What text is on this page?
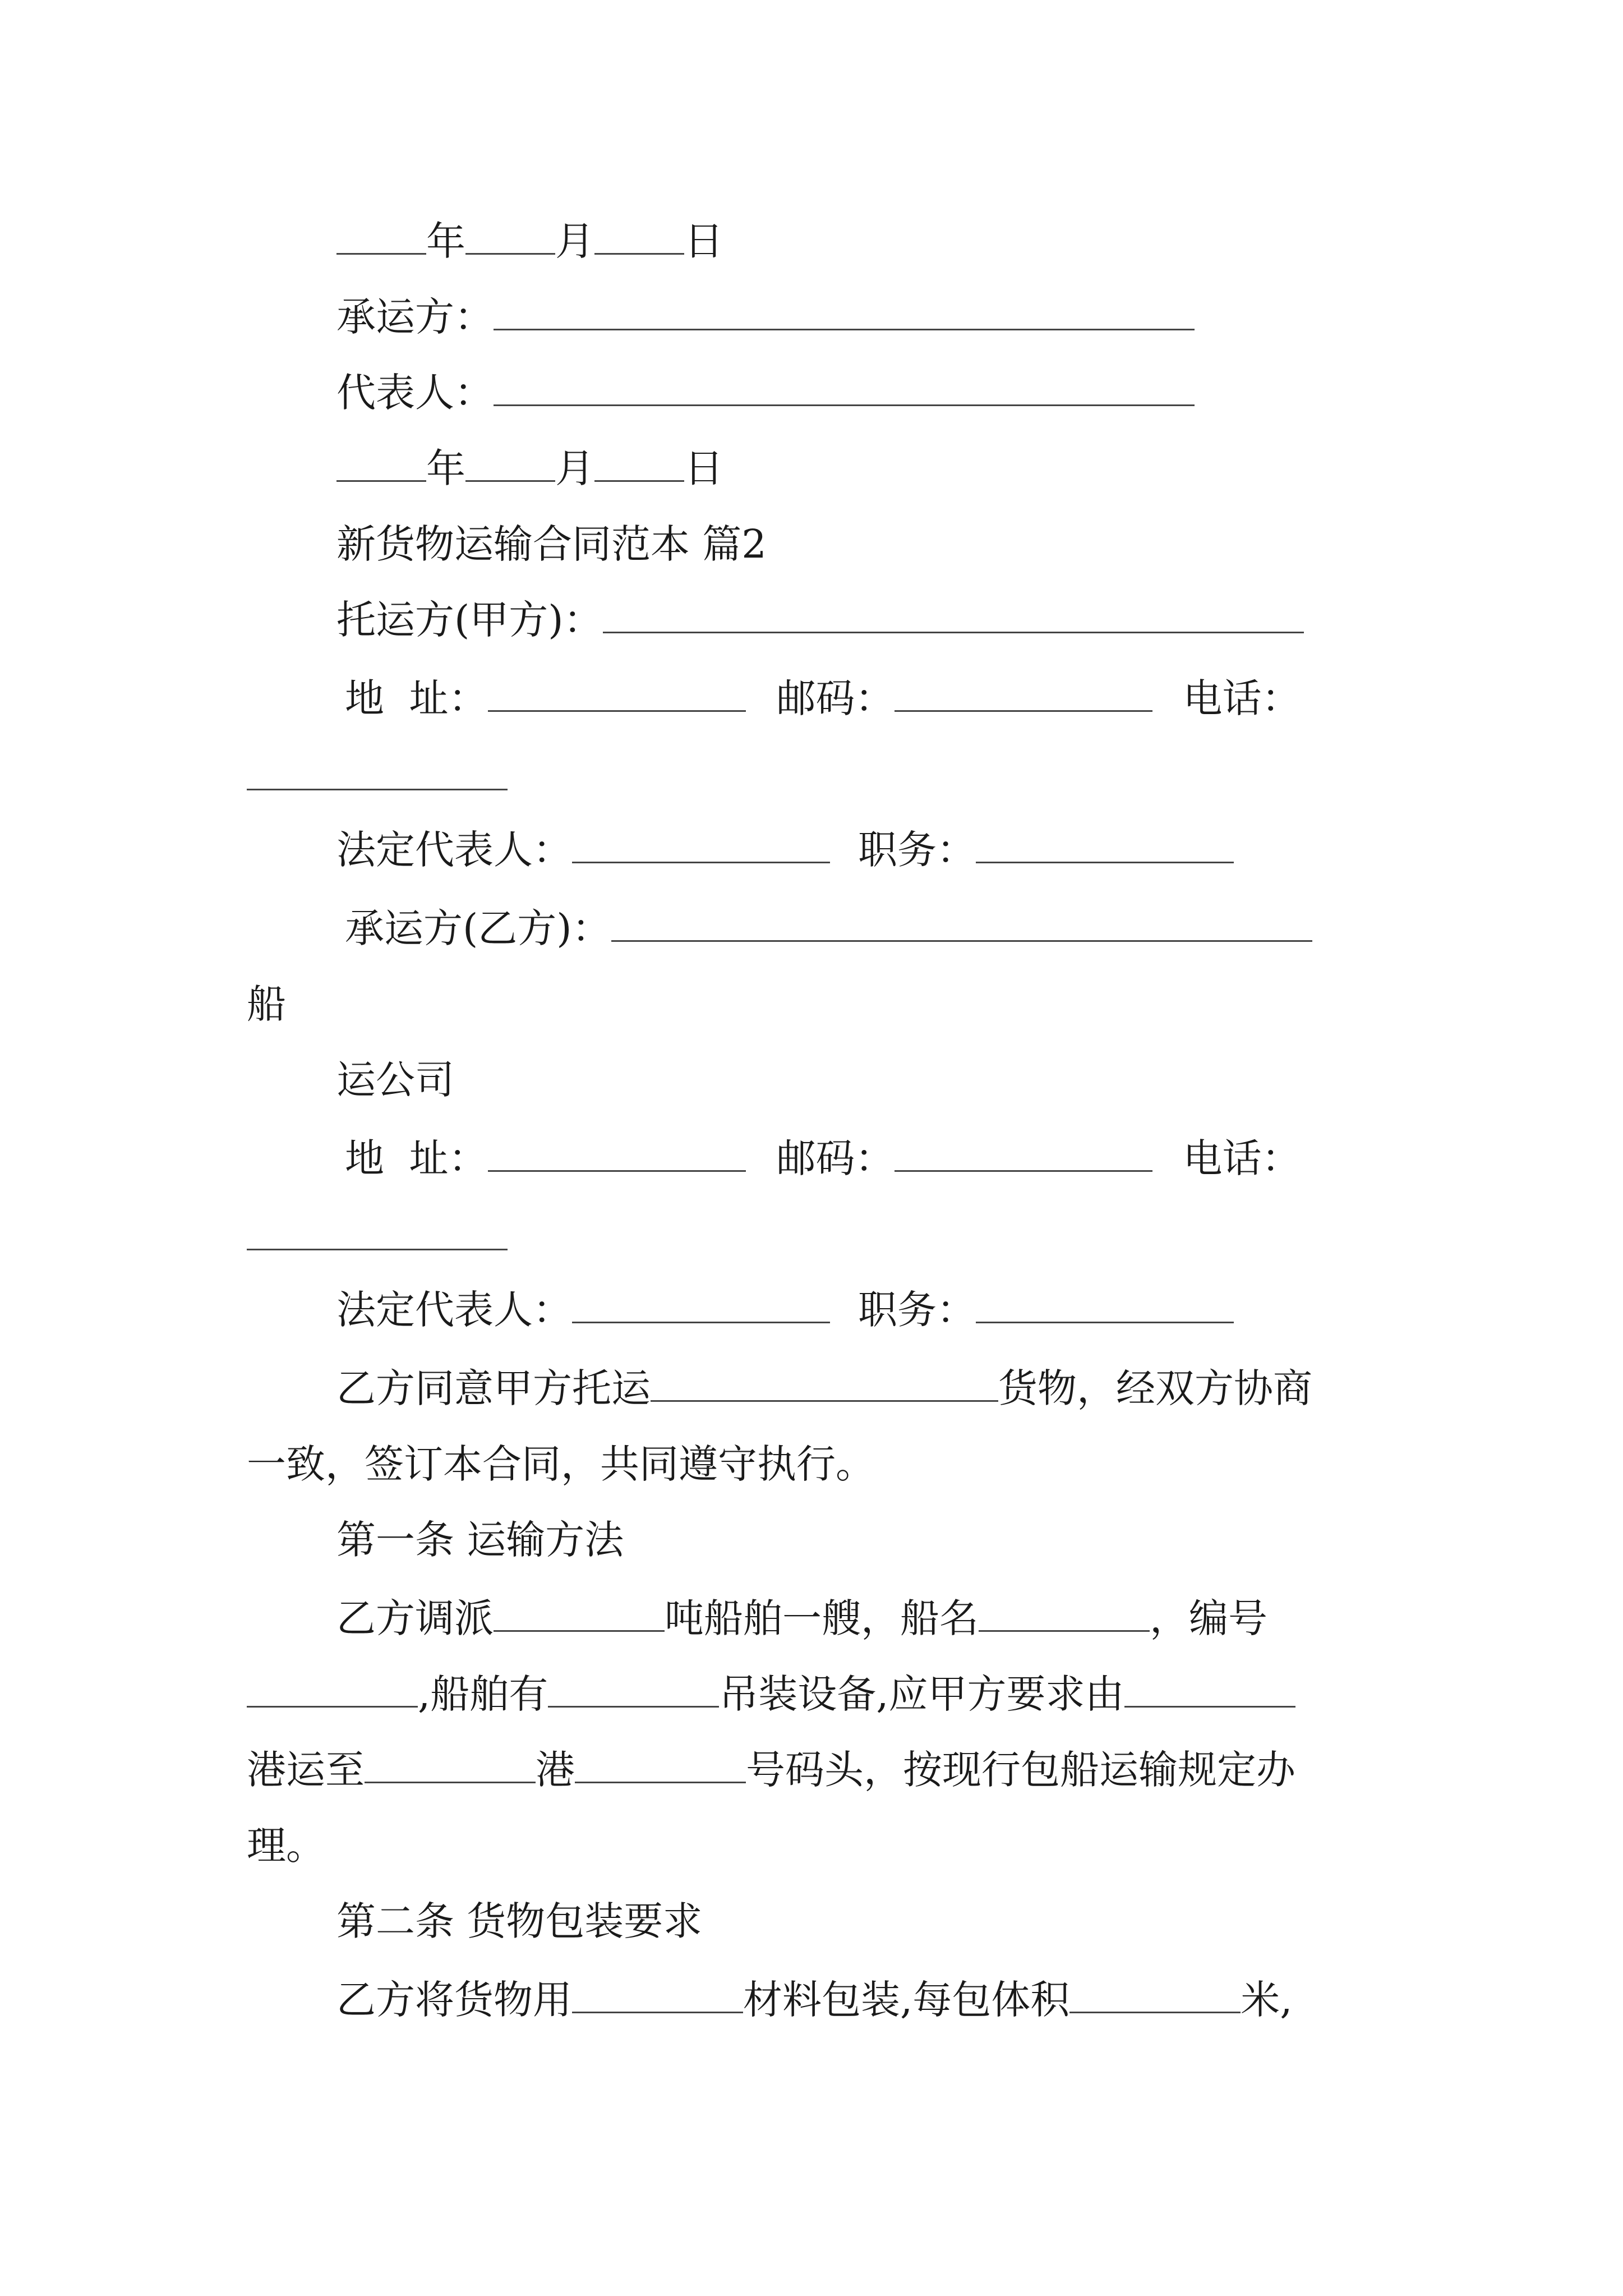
年 月 日
承运方：
代表人：
年 月 日
新货物运输合同范本 篇2
托运方(甲方)：
地  址：	邮码：	电话：
法定代表人：	职务：
承运方(乙方)：
船
运公司
地  址：	邮码：	电话：
法定代表人：	职务：
乙方同意甲方托运	货物，经双方协商
一致，签订本合同，共同遵守执行。
第一条 运输方法
乙方调派	吨船舶一艘，船名	，编号
,船舶有	吊装设备,应甲方要求由
港运至	港	号码头，按现行包船运输规定办
理。
第二条 货物包装要求
乙方将货物用	材料包装,每包体积	米,
